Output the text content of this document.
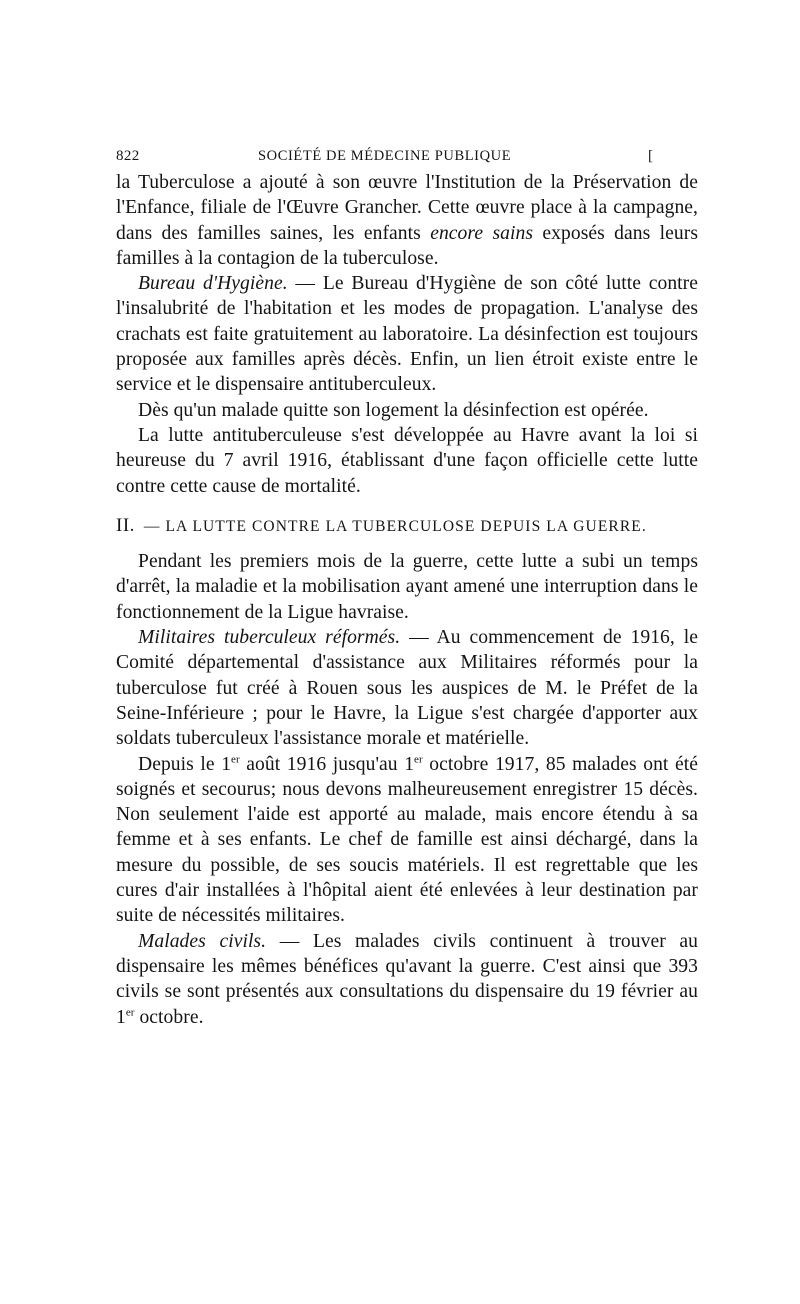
822	SOCIÉTÉ DE MÉDECINE PUBLIQUE	[

la Tuberculose a ajouté à son œuvre l'Institution de la Préservation de l'Enfance, filiale de l'Œuvre Grancher. Cette œuvre place à la campagne, dans des familles saines, les enfants encore sains exposés dans leurs familles à la contagion de la tuberculose.

Bureau d'Hygiène. — Le Bureau d'Hygiène de son côté lutte contre l'insalubrité de l'habitation et les modes de propagation. L'analyse des crachats est faite gratuitement au laboratoire. La désinfection est toujours proposée aux familles après décès. Enfin, un lien étroit existe entre le service et le dispensaire antituberculeux.

Dès qu'un malade quitte son logement la désinfection est opérée.

La lutte antituberculeuse s'est développée au Havre avant la loi si heureuse du 7 avril 1916, établissant d'une façon officielle cette lutte contre cette cause de mortalité.

II. — LA LUTTE CONTRE LA TUBERCULOSE DEPUIS LA GUERRE.

Pendant les premiers mois de la guerre, cette lutte a subi un temps d'arrêt, la maladie et la mobilisation ayant amené une interruption dans le fonctionnement de la Ligue havraise.

Militaires tuberculeux réformés. — Au commencement de 1916, le Comité départemental d'assistance aux Militaires réformés pour la tuberculose fut créé à Rouen sous les auspices de M. le Préfet de la Seine-Inférieure ; pour le Havre, la Ligue s'est chargée d'apporter aux soldats tuberculeux l'assistance morale et matérielle.

Depuis le 1er août 1916 jusqu'au 1er octobre 1917, 85 malades ont été soignés et secourus; nous devons malheureusement enregistrer 15 décès. Non seulement l'aide est apporté au malade, mais encore étendu à sa femme et à ses enfants. Le chef de famille est ainsi déchargé, dans la mesure du possible, de ses soucis matériels. Il est regrettable que les cures d'air installées à l'hôpital aient été enlevées à leur destination par suite de nécessités militaires.

Malades civils. — Les malades civils continuent à trouver au dispensaire les mêmes bénéfices qu'avant la guerre. C'est ainsi que 393 civils se sont présentés aux consultations du dispensaire du 19 février au 1er octobre.
